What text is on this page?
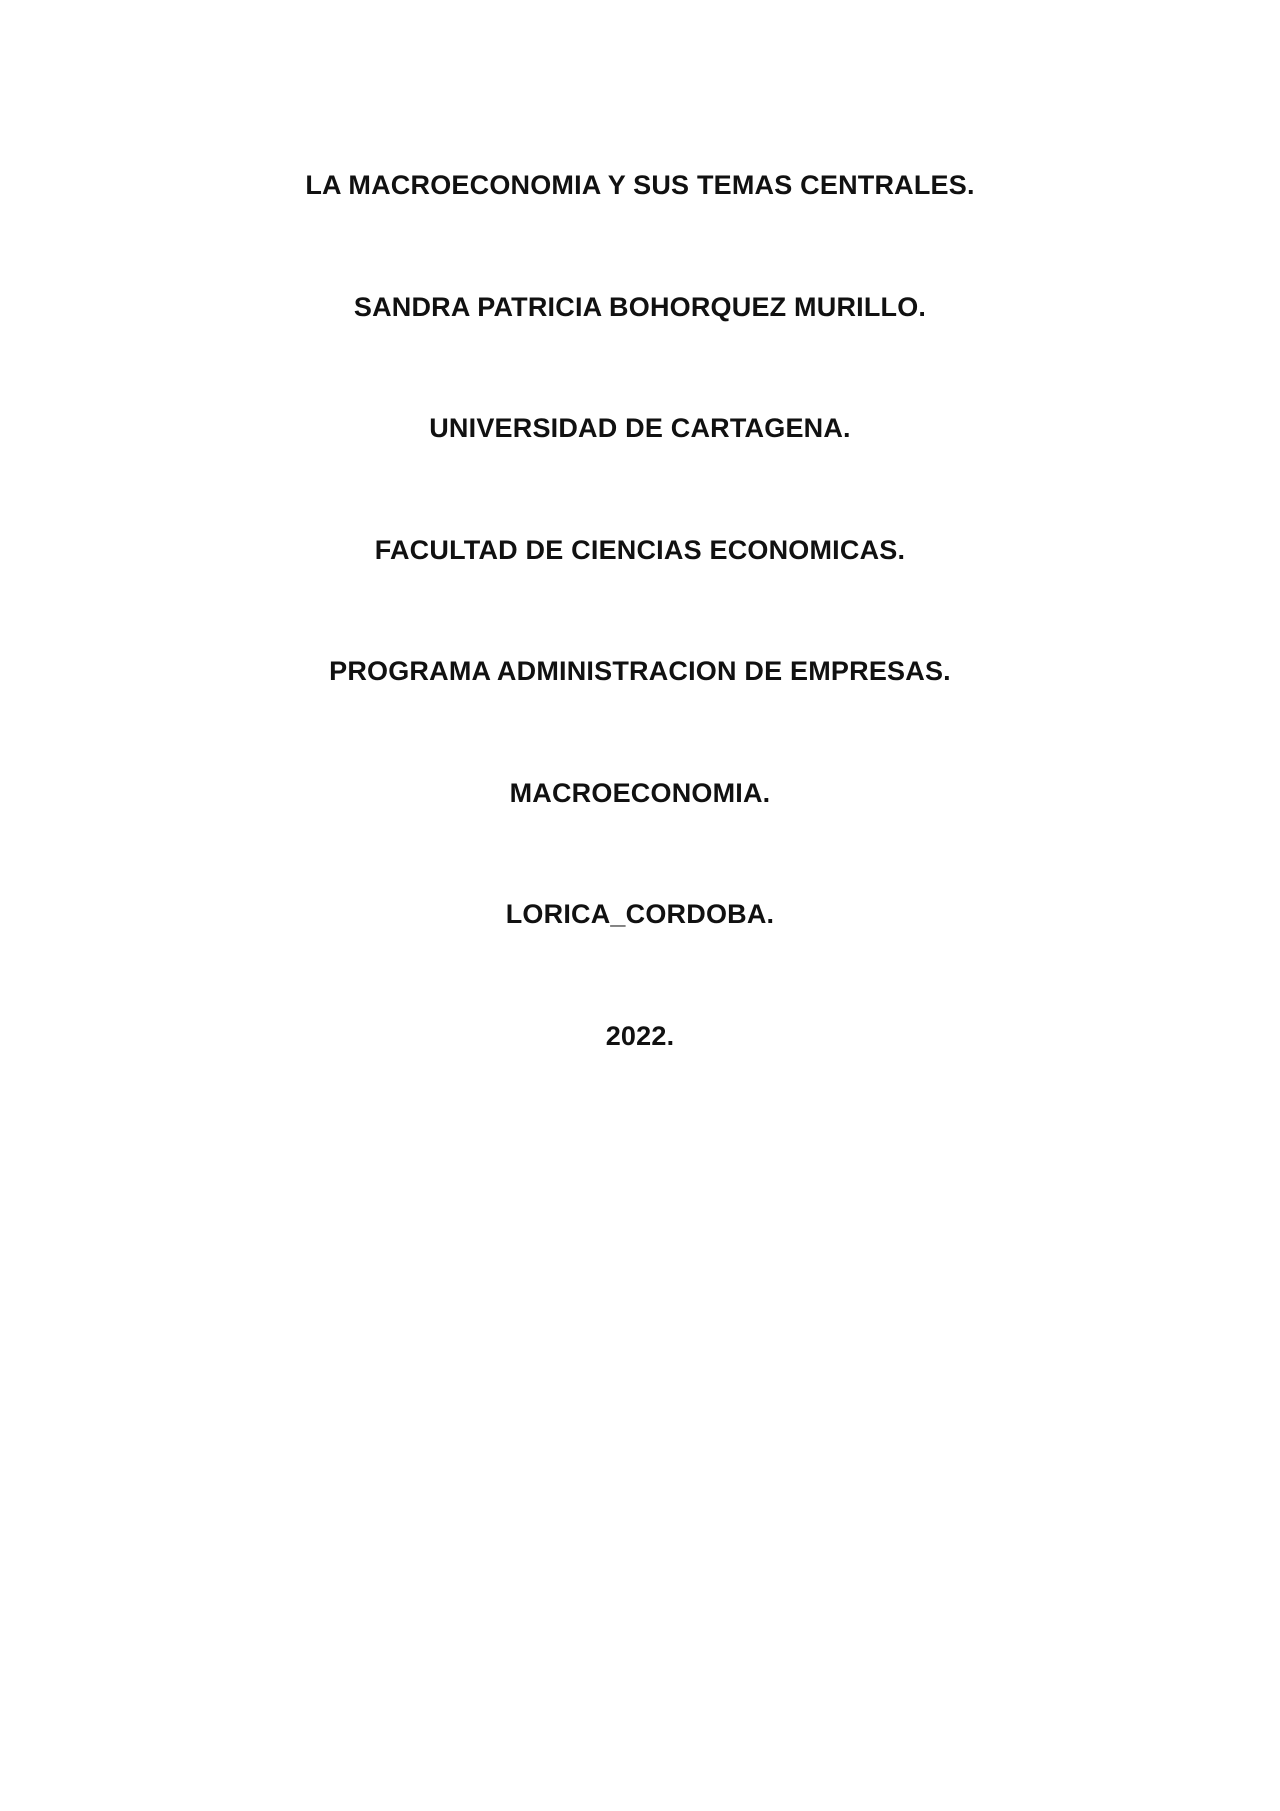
LA MACROECONOMIA Y SUS TEMAS CENTRALES.
SANDRA PATRICIA BOHORQUEZ MURILLO.
UNIVERSIDAD DE CARTAGENA.
FACULTAD DE CIENCIAS ECONOMICAS.
PROGRAMA ADMINISTRACION DE EMPRESAS.
MACROECONOMIA.
LORICA_CORDOBA.
2022.
